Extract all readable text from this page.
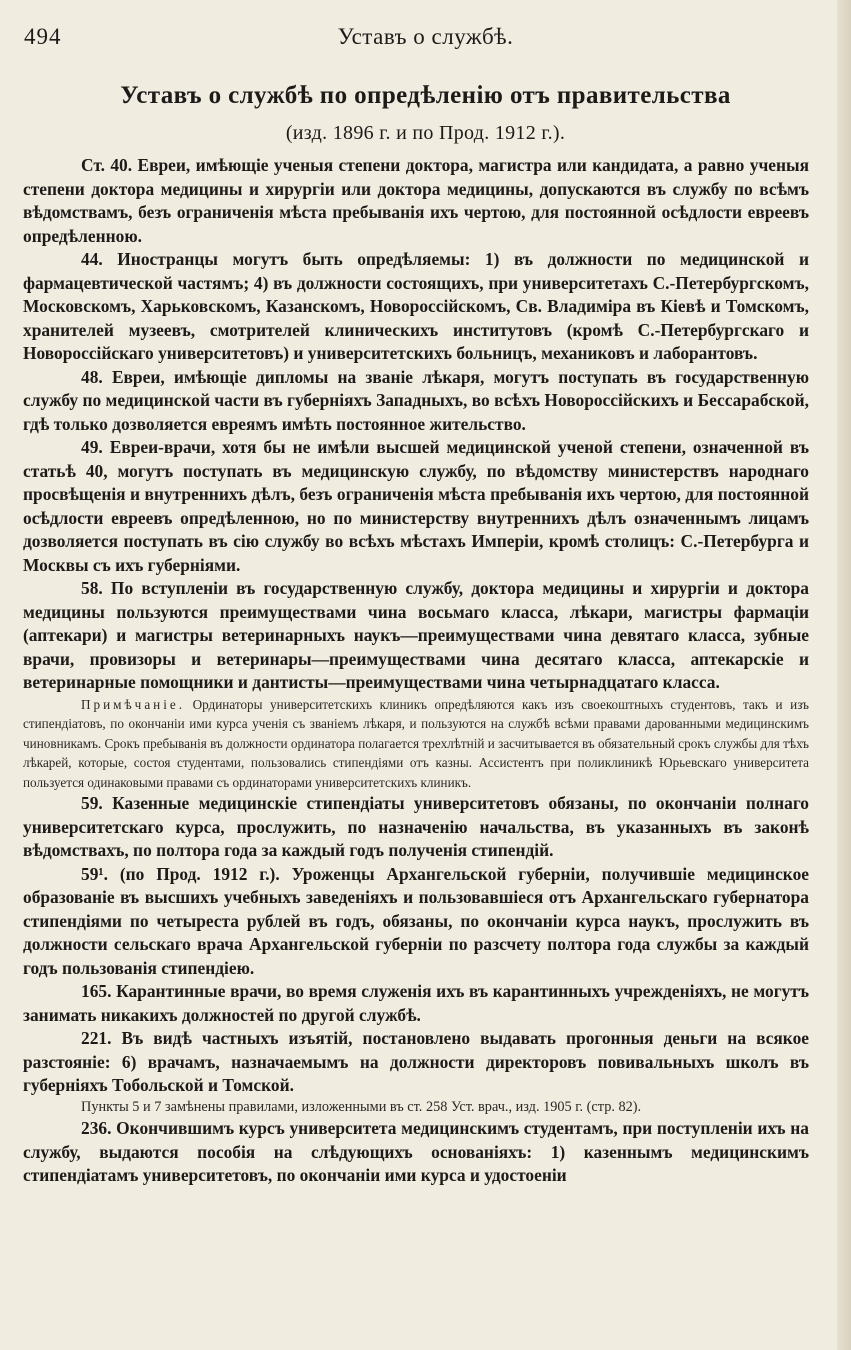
494	Уставъ о службѣ.
Уставъ о службѣ по опредѣленію отъ правительства
(изд. 1896 г. и по Прод. 1912 г.).

Ст. 40. Евреи, имѣющіе ученыя степени доктора, магистра или кандидата, а равно ученыя степени доктора медицины и хирургіи или доктора медицины, допускаются въ службу по всѣмъ вѣдомствамъ, безъ ограниченія мѣста пребыванія ихъ чертою, для постоянной осѣдлости евреевъ опредѣленною.

44. Иностранцы могутъ быть опредѣляемы: 1) въ должности по медицинской и фармацевтической частямъ; 4) въ должности состоящихъ, при университетахъ С.-Петербургскомъ, Московскомъ, Харьковскомъ, Казанскомъ, Новороссійскомъ, Св. Владиміра въ Кіевѣ и Томскомъ, хранителей музеевъ, смотрителей клиническихъ институтовъ (кромѣ С.-Петербургскаго и Новороссійскаго университетовъ) и университетскихъ больницъ, механиковъ и лаборантовъ.

48. Евреи, имѣющіе дипломы на званіе лѣкаря, могутъ поступать въ государственную службу по медицинской части въ губерніяхъ Западныхъ, во всѣхъ Новороссійскихъ и Бессарабской, гдѣ только дозволяется евреямъ имѣть постоянное жительство.

49. Евреи-врачи, хотя бы не имѣли высшей медицинской ученой степени, означенной въ статьѣ 40, могутъ поступать въ медицинскую службу, по вѣдомству министерствъ народнаго просвѣщенія и внутреннихъ дѣлъ, безъ ограниченія мѣста пребыванія ихъ чертою, для постоянной осѣдлости евреевъ опредѣленною, но по министерству внутреннихъ дѣлъ означеннымъ лицамъ дозволяется поступать въ сію службу во всѣхъ мѣстахъ Имперіи, кромѣ столицъ: С.-Петербурга и Москвы съ ихъ губерніями.

58. По вступленіи въ государственную службу, доктора медицины и хирургіи и доктора медицины пользуются преимуществами чина восьмаго класса, лѣкари, магистры фармаціи (аптекари) и магистры ветеринарныхъ наукъ—преимуществами чина девятаго класса, зубные врачи, провизоры и ветеринары—преимуществами чина десятаго класса, аптекарскіе и ветеринарные помощники и дантисты—преимуществами чина четырнадцатаго класса.

Примѣчаніе. Ординаторы университетскихъ клиникъ опредѣляются какъ изъ своекоштныхъ студентовъ, такъ и изъ стипендіатовъ, по окончаніи ими курса ученія съ званіемъ лѣкаря, и пользуются на службѣ всѣми правами дарованными медицинскимъ чиновникамъ. Срокъ пребыванія въ должности ординатора полагается трехлѣтній и засчитывается въ обязательный срокъ службы для тѣхъ лѣкарей, которые, состоя студентами, пользовались стипендіями отъ казны. Ассистентъ при поликлиникѣ Юрьевскаго университета пользуется одинаковыми правами съ ординаторами университетскихъ клиникъ.

59. Казенные медицинскіе стипендіаты университетовъ обязаны, по окончаніи полнаго университетскаго курса, прослужить, по назначенію начальства, въ указанныхъ въ законѣ вѣдомствахъ, по полтора года за каждый годъ полученія стипендій.

59¹. (по Прод. 1912 г.). Уроженцы Архангельской губерніи, получившіе медицинское образованіе въ высшихъ учебныхъ заведеніяхъ и пользовавшіеся отъ Архангельскаго губернатора стипендіями по четыреста рублей въ годъ, обязаны, по окончаніи курса наукъ, прослужить въ должности сельскаго врача Архангельской губерніи по разсчету полтора года службы за каждый годъ пользованія стипендіею.

165. Карантинные врачи, во время служенія ихъ въ карантинныхъ учрежденіяхъ, не могутъ занимать никакихъ должностей по другой службѣ.

221. Въ видѣ частныхъ изъятій, постановлено выдавать прогонныя деньги на всякое разстояніе: 6) врачамъ, назначаемымъ на должности директоровъ повивальныхъ школъ въ губерніяхъ Тобольской и Томской.

Пункты 5 и 7 замѣнены правилами, изложенными въ ст. 258 Уст. врач., изд. 1905 г. (стр. 82).

236. Окончившимъ курсъ университета медицинскимъ студентамъ, при поступленіи ихъ на службу, выдаются пособія на слѣдующихъ основаніяхъ: 1) казеннымъ медицинскимъ стипендіатамъ университетовъ, по окончаніи ими курса и удостоеніи
